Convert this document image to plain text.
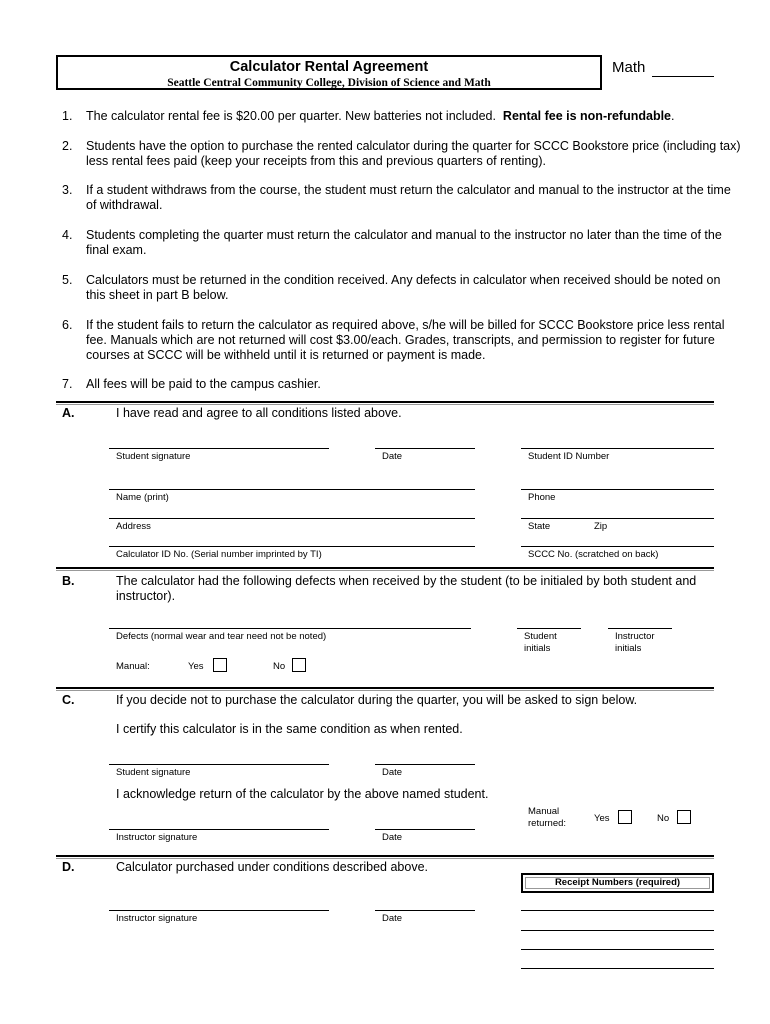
Calculator Rental Agreement
Seattle Central Community College, Division of Science and Math
Math
1. The calculator rental fee is $20.00 per quarter. New batteries not included. Rental fee is non-refundable.
2. Students have the option to purchase the rented calculator during the quarter for SCCC Bookstore price (including tax) less rental fees paid (keep your receipts from this and previous quarters of renting).
3. If a student withdraws from the course, the student must return the calculator and manual to the instructor at the time of withdrawal.
4. Students completing the quarter must return the calculator and manual to the instructor no later than the time of the final exam.
5. Calculators must be returned in the condition received. Any defects in calculator when received should be noted on this sheet in part B below.
6. If the student fails to return the calculator as required above, s/he will be billed for SCCC Bookstore price less rental fee. Manuals which are not returned will cost $3.00/each. Grades, transcripts, and permission to register for future courses at SCCC will be withheld until it is returned or payment is made.
7. All fees will be paid to the campus cashier.
A.	I have read and agree to all conditions listed above.
Student signature	Date	Student ID Number
Name (print)	Phone
Address	State	Zip
Calculator ID No. (Serial number imprinted by TI)	SCCC No. (scratched on back)
B.	The calculator had the following defects when received by the student (to be initialed by both student and instructor).
Defects (normal wear and tear need not be noted)	Student
initials
Instructor
initials
Manual:	Yes	No
C.	If you decide not to purchase the calculator during the quarter, you will be asked to sign below.
I certify this calculator is in the same condition as when rented.
Student signature	Date
I acknowledge return of the calculator by the above named student.
Manual
returned:	Yes	No
Instructor signature	Date
D.	Calculator purchased under conditions described above.
Receipt Numbers (required)
Instructor signature	Date
